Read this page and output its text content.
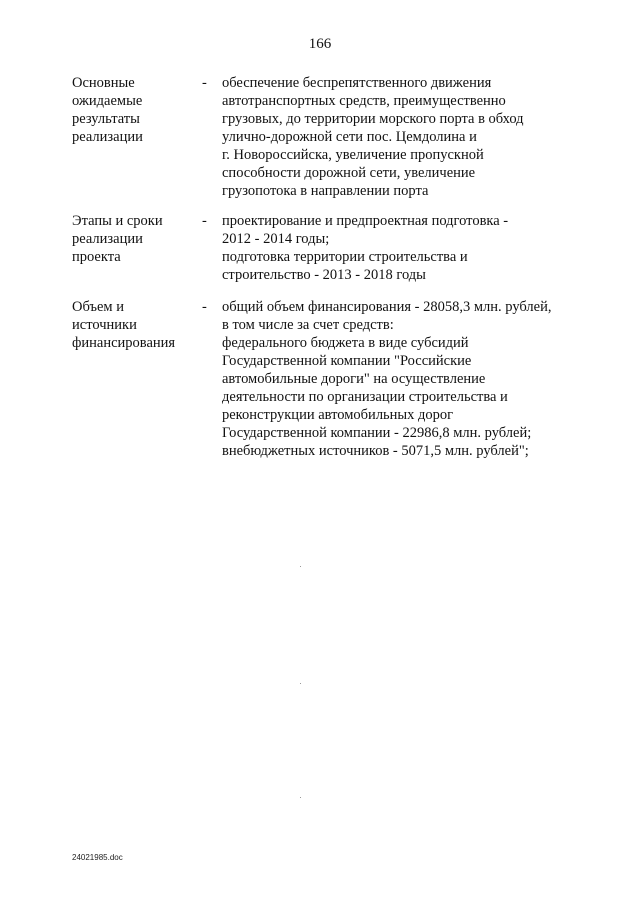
166
Основные
ожидаемые
результаты
реализации
- обеспечение беспрепятственного движения
автотранспортных средств, преимущественно
грузовых, до территории морского порта в обход
улично-дорожной сети пос. Цемдолина и
г. Новороссийска, увеличение пропускной
способности дорожной сети, увеличение
грузопотока в направлении порта
Этапы и сроки
реализации
проекта
- проектирование и предпроектная подготовка -
2012 - 2014 годы;
подготовка территории строительства и
строительство - 2013 - 2018 годы
Объем и
источники
финансирования
- общий объем финансирования - 28058,3 млн. рублей,
в том числе за счет средств:
федерального бюджета в виде субсидий
Государственной компании "Российские
автомобильные дороги" на осуществление
деятельности по организации строительства и
реконструкции автомобильных дорог
Государственной компании - 22986,8 млн. рублей;
внебюджетных источников - 5071,5 млн. рублей";
24021985.doc
